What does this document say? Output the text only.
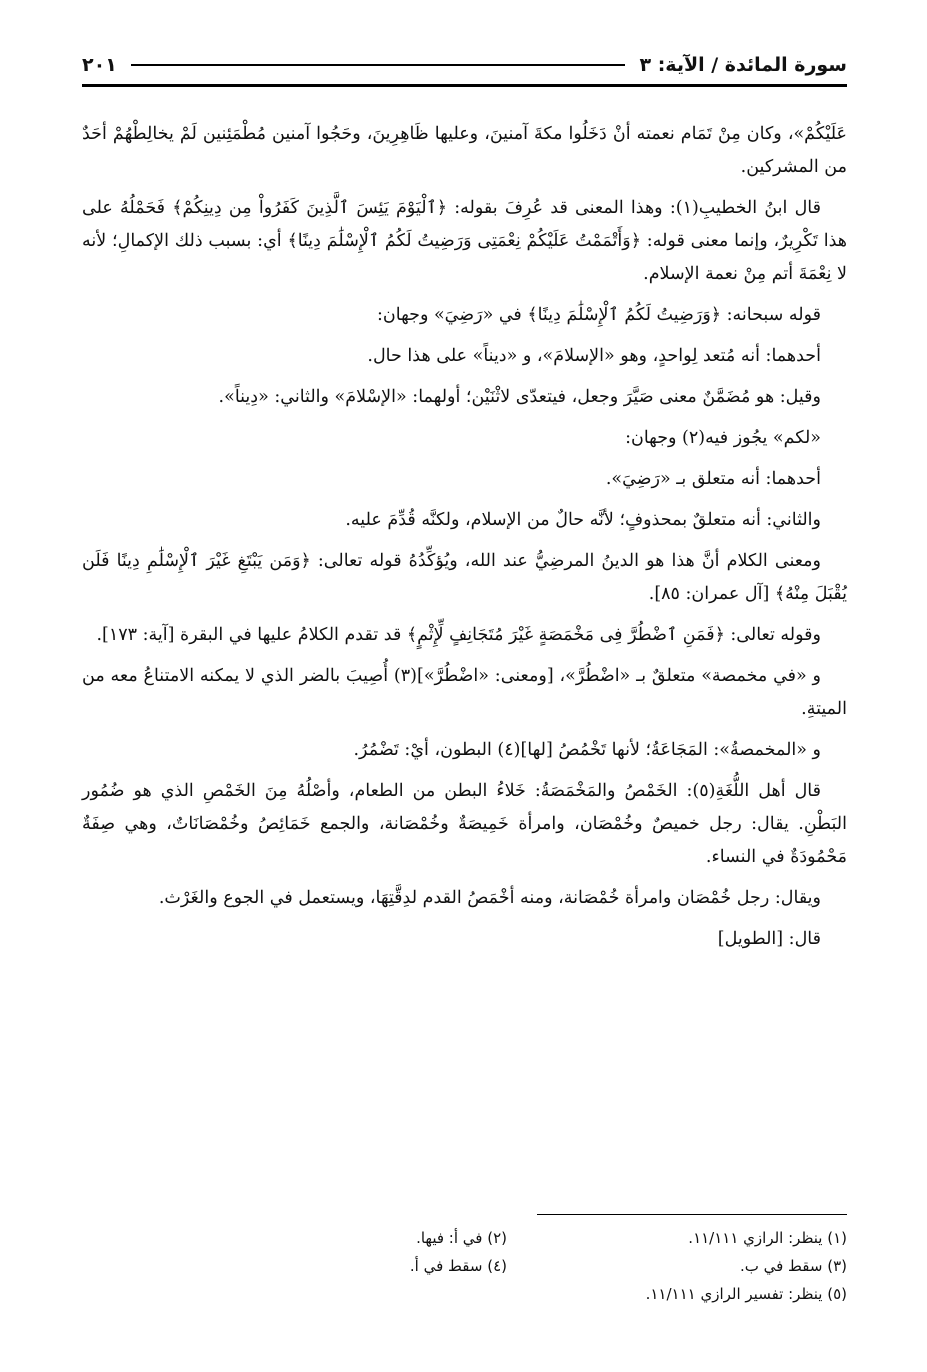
سورة المائدة / الآية: ٣
٢٠١

عَلَيْكُمْ»، وكان مِنْ تَمَام نعمته أنْ دَخَلُوا مكةَ آمنينَ، وعليها ظَاهِرِينَ، وحَجُوا آمنين مُطْمَئِنين لَمْ يخالِطْهُمْ أحَدٌ من المشركين.

قال ابنُ الخطيبِ(١): وهذا المعنى قد عُرِفَ بقوله: ﴿ٱلْيَوْمَ يَئِسَ ٱلَّذِينَ كَفَرُواْ مِن دِينِكُمْ﴾ فَحَمْلُهُ على هذا تَكْرِيرٌ، وإنما معنى قوله: ﴿وَأَتْمَمْتُ عَلَيْكُمْ نِعْمَتِى وَرَضِيتُ لَكُمُ ٱلْإِسْلَٰمَ دِينًا﴾ أي: بسبب ذلك الإكمالِ؛ لأنه لا نِعْمَةَ أتم مِنْ نعمة الإسلام.

قوله سبحانه: ﴿وَرَضِيتُ لَكُمُ ٱلْإِسْلَٰمَ دِينًا﴾ في «رَضِيَ» وجهان:

أحدهما: أنه مُتعد لِواحدٍ، وهو «الإسلامَ»، و «ديناً» على هذا حال.

وقيل: هو مُضَمَّنٌ معنى صَيَّرَ وجعل، فيتعدّى لاثْنَيْن؛ أولهما: «الإسْلامَ» والثاني: «دِيناً».

«لكم» يجُوز فيه(٢) وجهان:

أحدهما: أنه متعلق بـ «رَضِيَ».

والثاني: أنه متعلقٌ بمحذوفٍ؛ لأنَّه حالٌ من الإسلام، ولكنَّه قُدِّمَ عليه.

ومعنى الكلام أنَّ هذا هو الدينُ المرضِيُّ عند الله، ويُؤكِّدُهُ قوله تعالى: ﴿وَمَن يَبْتَغِ غَيْرَ ٱلْإِسْلَٰمِ دِينًا فَلَن يُقْبَلَ مِنْهُ﴾ [آل عمران: ٨٥].

وقوله تعالى: ﴿فَمَنِ ٱضْطُرَّ فِى مَخْمَصَةٍ غَيْرَ مُتَجَانِفٍ لِّإِثْمٍ﴾ قد تقدم الكلامُ عليها في البقرة [آية: ١٧٣].

و «في مخمصة» متعلقٌ بـ «اضْطُرَّ»، [ومعنى: «اضْطُرَّ»](٣) أُصِيبَ بالضر الذي لا يمكنه الامتناعُ معه من الميتةِ.

و «المخمصةُ»: المَجَاعَةُ؛ لأنها تَخْمُصُ [لها](٤) البطون، أيْ: تَضْمُرُ.

قال أهل اللُّغَةِ(٥): الخَمْصُ والمَخْمَصَةُ: خَلاءُ البطن من الطعام، وأصْلُهُ مِنَ الخَمْصِ الذي هو ضُمُور البَطْنِ. يقال: رجل خميصٌ وخُمْصَان، وامرأة خَمِيصَةٌ وخُمْصَانة، والجمع خَمَائِصُ وخُمْصَانَاتٌ، وهي صِفَةٌ مَحْمُودَةٌ في النساء.

ويقال: رجل خُمْصَان وامرأة خُمْصَانة، ومنه أخْمَصُ القدم لدِقَّتِهَا، ويستعمل في الجوع والغَرْث.

قال: [الطويل]

(١) ينظر: الرازي ١١/١١١.
(٢) في أ: فيها.
(٣) سقط في ب.
(٤) سقط في أ.
(٥) ينظر: تفسير الرازي ١١/١١١.
